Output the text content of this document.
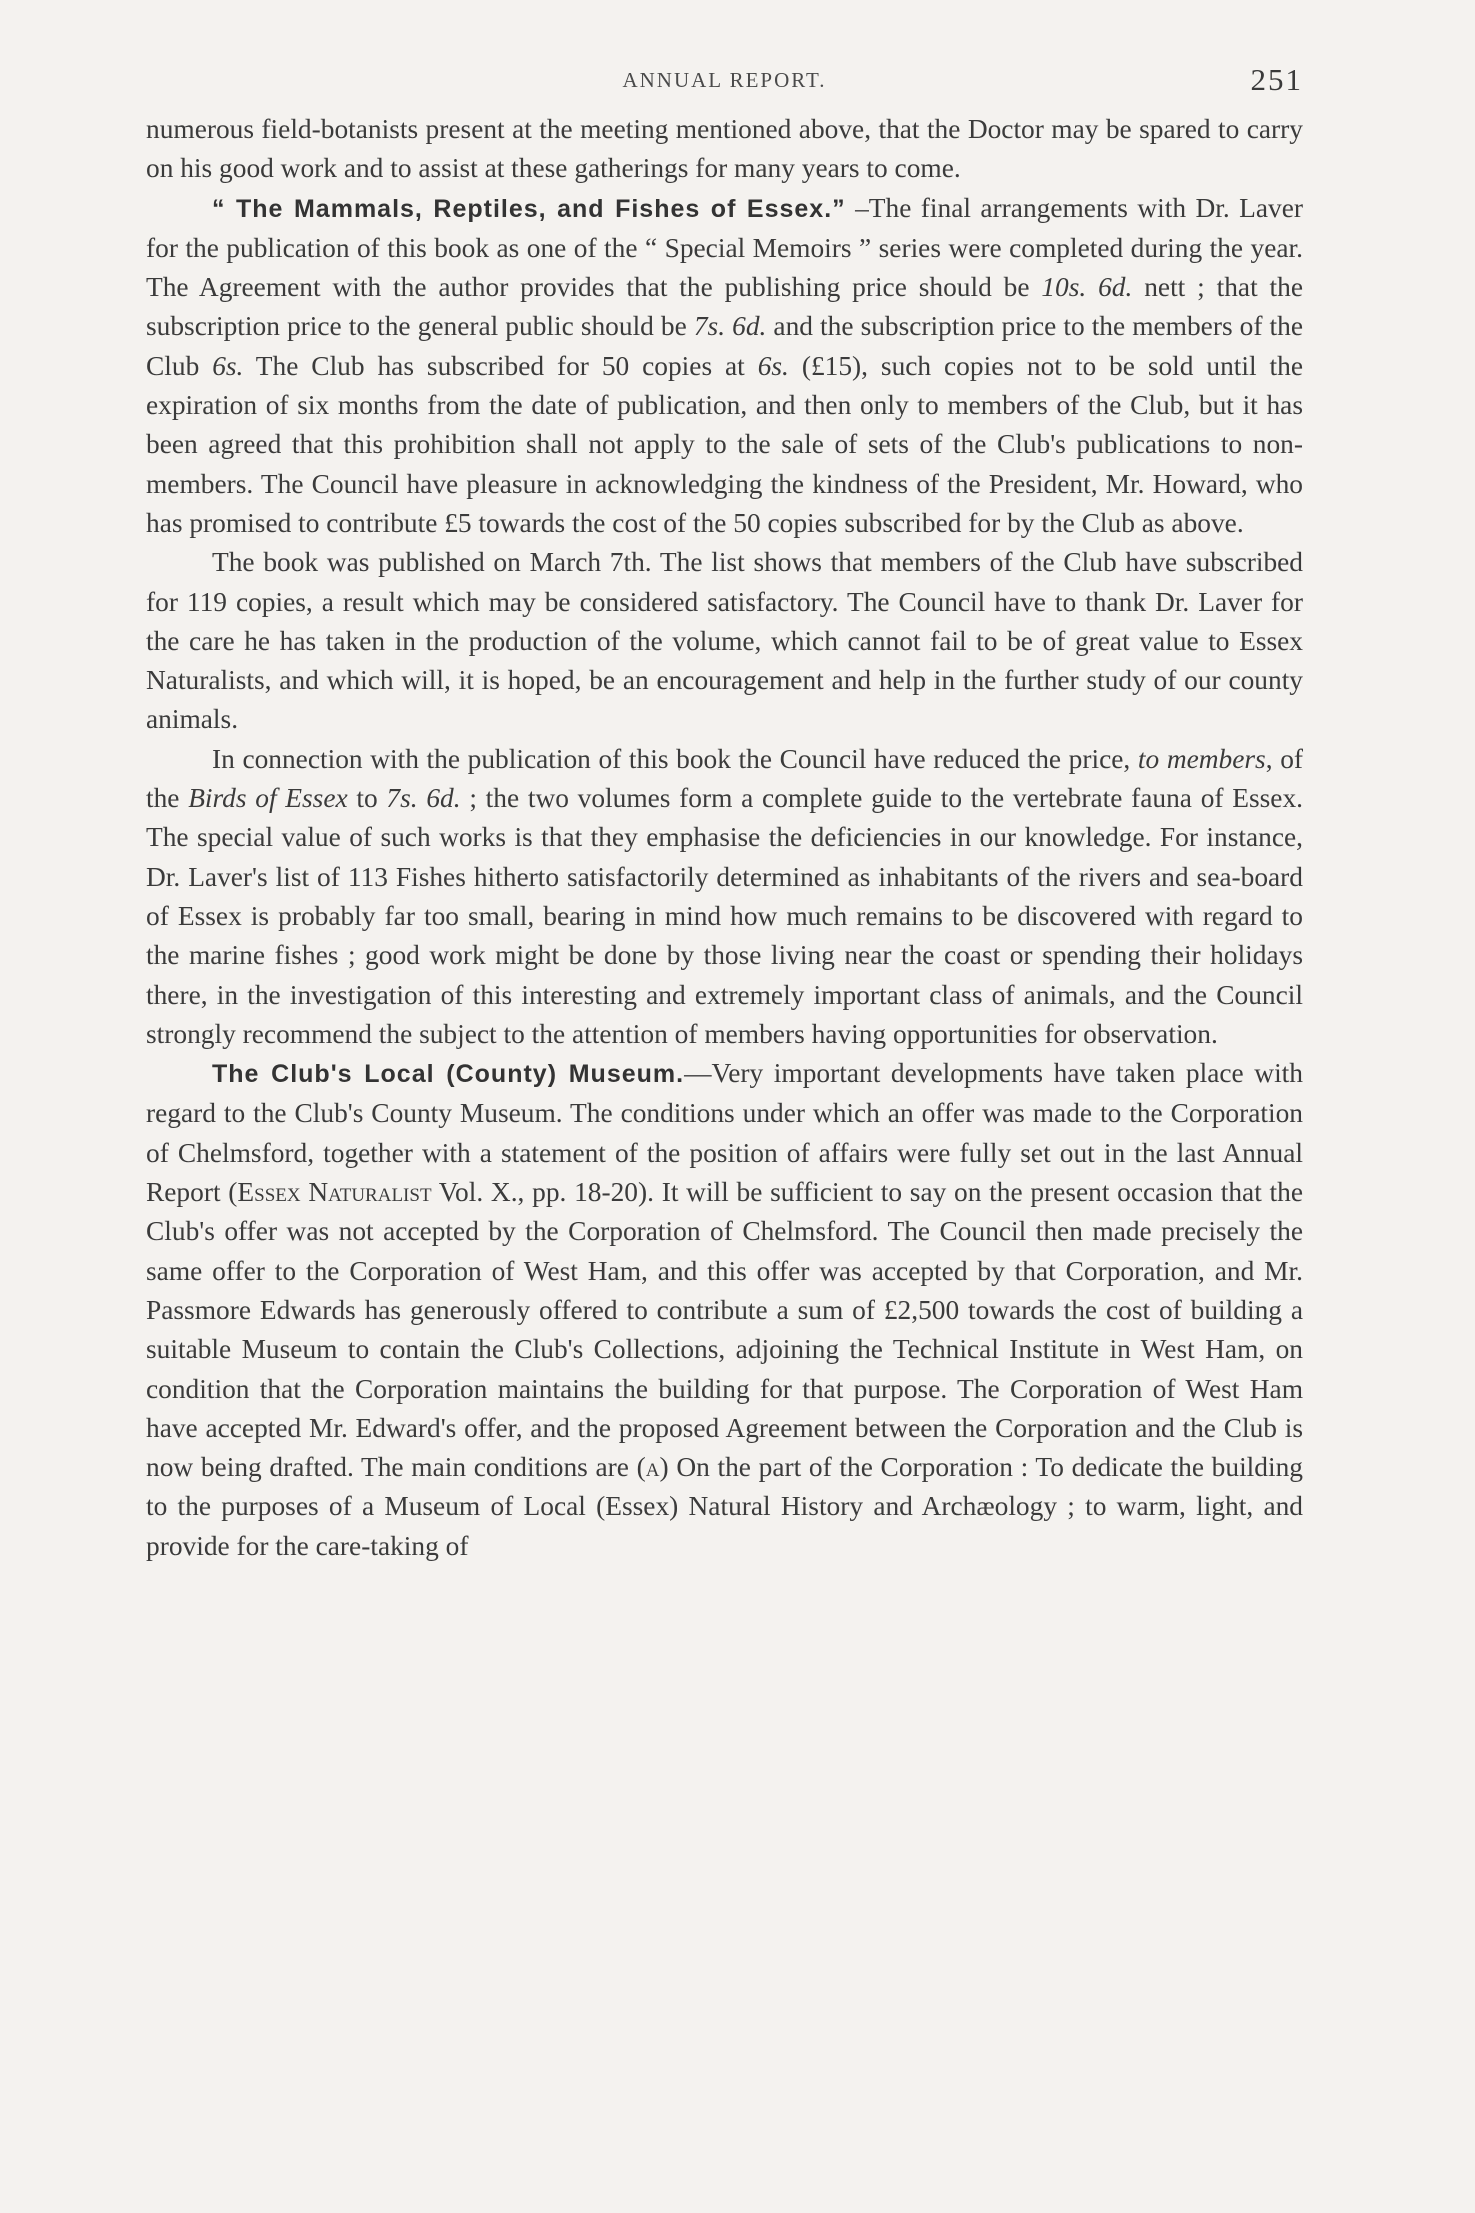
ANNUAL REPORT.	251

numerous field-botanists present at the meeting mentioned above, that the Doctor may be spared to carry on his good work and to assist at these gatherings for many years to come.

“ The Mammals, Reptiles, and Fishes of Essex.” –The final arrangements with Dr. Laver for the publication of this book as one of the “ Special Memoirs ” series were completed during the year. The Agreement with the author provides that the publishing price should be 10s. 6d. nett ; that the subscription price to the general public should be 7s. 6d. and the subscription price to the members of the Club 6s. The Club has subscribed for 50 copies at 6s. (£15), such copies not to be sold until the expiration of six months from the date of publication, and then only to members of the Club, but it has been agreed that this prohibition shall not apply to the sale of sets of the Club's publications to non-members. The Council have pleasure in acknowledging the kindness of the President, Mr. Howard, who has promised to contribute £5 towards the cost of the 50 copies subscribed for by the Club as above.

The book was published on March 7th. The list shows that members of the Club have subscribed for 119 copies, a result which may be considered satisfactory. The Council have to thank Dr. Laver for the care he has taken in the production of the volume, which cannot fail to be of great value to Essex Naturalists, and which will, it is hoped, be an encouragement and help in the further study of our county animals.

In connection with the publication of this book the Council have reduced the price, to members, of the Birds of Essex to 7s. 6d. ; the two volumes form a complete guide to the vertebrate fauna of Essex. The special value of such works is that they emphasise the deficiencies in our knowledge. For instance, Dr. Laver's list of 113 Fishes hitherto satisfactorily determined as inhabitants of the rivers and sea-board of Essex is probably far too small, bearing in mind how much remains to be discovered with regard to the marine fishes ; good work might be done by those living near the coast or spending their holidays there, in the investigation of this interesting and extremely important class of animals, and the Council strongly recommend the subject to the attention of members having opportunities for observation.

The Club's Local (County) Museum.—Very important developments have taken place with regard to the Club's County Museum. The conditions under which an offer was made to the Corporation of Chelmsford, together with a statement of the position of affairs were fully set out in the last Annual Report (Essex Naturalist Vol. X., pp. 18-20). It will be sufficient to say on the present occasion that the Club's offer was not accepted by the Corporation of Chelmsford. The Council then made precisely the same offer to the Corporation of West Ham, and this offer was accepted by that Corporation, and Mr. Passmore Edwards has generously offered to contribute a sum of £2,500 towards the cost of building a suitable Museum to contain the Club's Collections, adjoining the Technical Institute in West Ham, on condition that the Corporation maintains the building for that purpose. The Corporation of West Ham have accepted Mr. Edward's offer, and the proposed Agreement between the Corporation and the Club is now being drafted. The main conditions are (a) On the part of the Corporation : To dedicate the building to the purposes of a Museum of Local (Essex) Natural History and Archæology ; to warm, light, and provide for the care-taking of
